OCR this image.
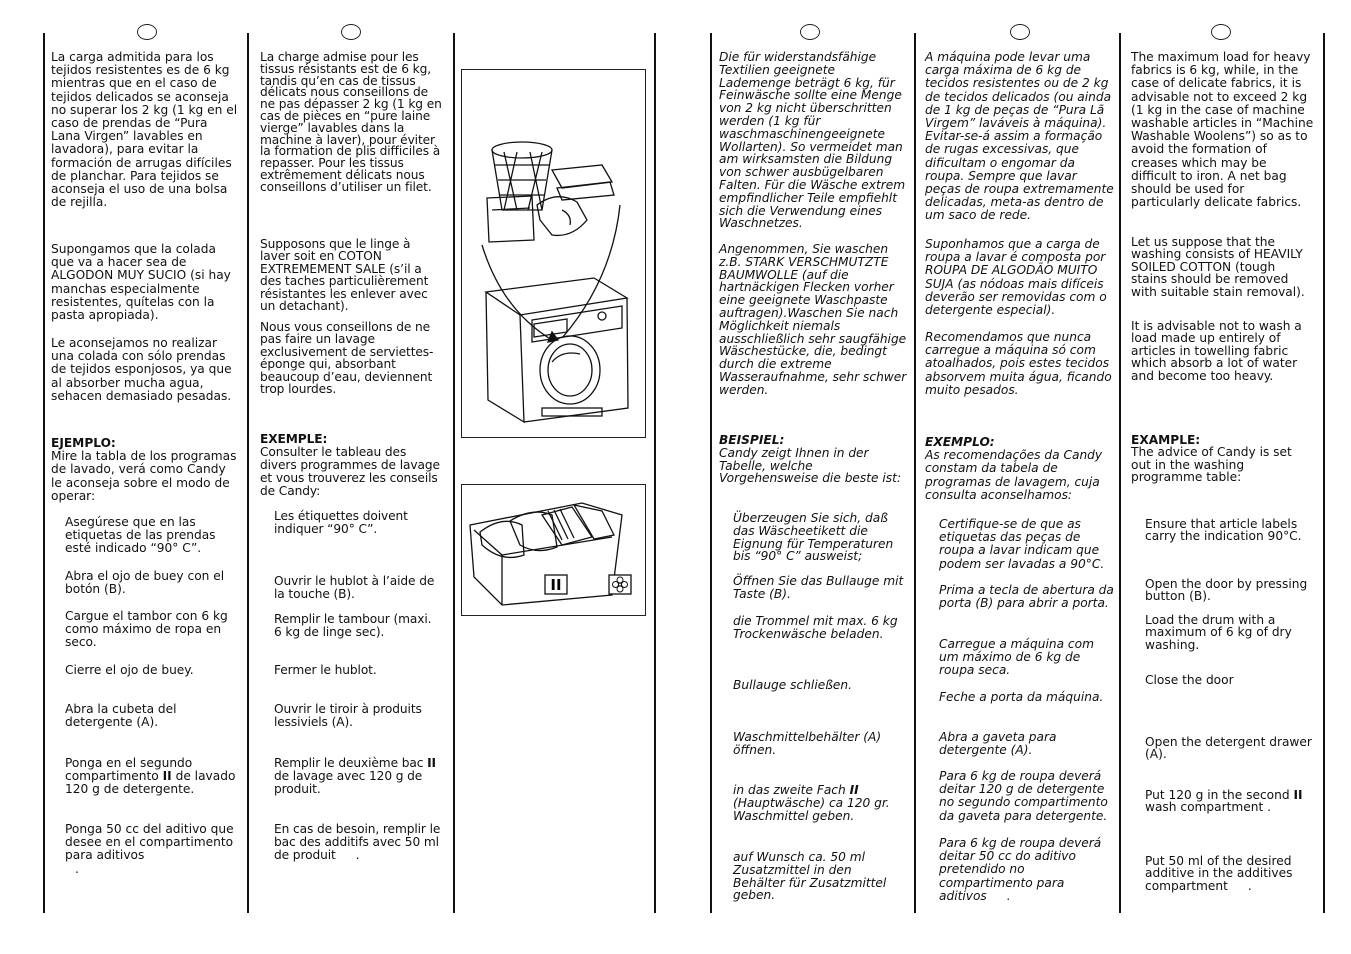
La carga admitida para los tejidos resistentes es de 6 kg mientras que en el caso de tejidos delicados se aconseja no superar los 2 kg (1 kg en el caso de prendas de “Pura Lana Virgen” lavables en lavadora), para evitar la formación de arrugas difíciles de planchar. Para tejidos se aconseja el uso de una bolsa de rejilla.

Supongamos que la colada que va a hacer sea de ALGODON MUY SUCIO (si hay manchas especialmente resistentes, quítelas con la pasta apropiada).

Le aconsejamos no realizar una colada con sólo prendas de tejidos esponjosos, ya que al absorber mucha agua, sehacen demasiado pesadas.

EJEMPLO:

Mire la tabla de los programas de lavado, verá como Candy le aconseja sobre el modo de operar:

Asegúrese que en las etiquetas de las prendas esté indicado “90° C”.

Abra el ojo de buey con el botón (B).

Cargue el tambor con 6 kg como máximo de ropa en seco.

Cierre el ojo de buey.

Abra la cubeta del detergente (A).

Ponga en el segundo compartimento II de lavado 120 g de detergente.

Ponga 50 cc del aditivo que desee en el compartimento para aditivos
.

La charge admise pour les tissus résistants est de 6 kg, tandis qu’en cas de tissus délicats nous conseillons de ne pas dépasser 2 kg (1 kg en cas de pièces en “pure laine vierge” lavables dans la machine à laver), pour éviter la formation de plis difficiles à repasser. Pour les tissus extrêmement délicats nous conseillons d’utiliser un filet.

Supposons que le linge à laver soit en COTON EXTREMEMENT SALE (s’il a des taches particulièrement résistantes les enlever avec un detachant).

Nous vous conseillons de ne pas faire un lavage exclusivement de serviettes-éponge qui, absorbant beaucoup d’eau, deviennent trop lourdes.

EXEMPLE:

Consulter le tableau des divers programmes de lavage et vous trouverez les conseils de Candy:

Les étiquettes doivent indiquer “90° C”.

Ouvrir le hublot à l’aide de la touche (B).

Remplir le tambour (maxi. 6 kg de linge sec).

Fermer le hublot.

Ouvrir le tiroir à produits lessiviels (A).

Remplir le deuxième bac II de lavage avec 120 g de produit.

En cas de besoin, remplir le bac des additifs avec 50 ml de produit .

II

Die für widerstandsfähige Textilien geeignete Lademenge beträgt 6 kg, für Feinwäsche sollte eine Menge von 2 kg nicht überschritten werden (1 kg für waschmaschinengeeignete Wollarten). So vermeidet man am wirksamsten die Bildung von schwer ausbügelbaren Falten. Für die Wäsche extrem empfindlicher Teile empfiehlt sich die Verwendung eines Waschnetzes.

Angenommen, Sie waschen z.B. STARK VERSCHMUTZTE BAUMWOLLE (auf die hartnäckigen Flecken vorher eine geeignete Waschpaste auftragen).Waschen Sie nach Möglichkeit niemals ausschließlich sehr saugfähige Wäschestücke, die, bedingt durch die extreme Wasseraufnahme, sehr schwer werden.

BEISPIEL:

Candy zeigt Ihnen in der Tabelle, welche Vorgehensweise die beste ist:

Überzeugen Sie sich, daß das Wäscheetikett die Eignung für Temperaturen bis “90° C” ausweist;

Öffnen Sie das Bullauge mit Taste (B).

die Trommel mit max. 6 kg Trockenwäsche beladen.

Bullauge schließen.

Waschmittelbehälter (A) öffnen.

in das zweite Fach II (Hauptwäsche) ca 120 gr. Waschmittel geben.

auf Wunsch ca. 50 ml Zusatzmittel in den Behälter für Zusatzmittel geben.

A máquina pode levar uma carga máxima de 6 kg de tecidos resistentes ou de 2 kg de tecidos delicados (ou ainda de 1 kg de peças de “Pura Lã Virgem” laváveis à máquina). Evitar-se-á assim a formação de rugas excessivas, que dificultam o engomar da roupa. Sempre que lavar peças de roupa extremamente delicadas, meta-as dentro de um saco de rede.

Suponhamos que a carga de roupa a lavar é composta por ROUPA DE ALGODÃO MUITO SUJA (as nódoas mais difíceis deverão ser removidas com o detergente especial).

Recomendamos que nunca carregue a máquina só com atoalhados, pois estes tecidos absorvem muita água, ficando muito pesados.

EXEMPLO:

As recomendações da Candy constam da tabela de programas de lavagem, cuja consulta aconselhamos:

Certifique-se de que as etiquetas das peças de roupa a lavar indicam que podem ser lavadas a 90°C.

Prima a tecla de abertura da porta (B) para abrir a porta.

Carregue a máquina com um máximo de 6 kg de roupa seca.

Feche a porta da máquina.

Abra a gaveta para detergente (A).

Para 6 kg de roupa deverá deitar 120 g de detergente no segundo compartimento da gaveta para detergente.

Para 6 kg de roupa deverá deitar 50 cc do aditivo pretendido no compartimento para aditivos .

The maximum load for heavy fabrics is 6 kg, while, in the case of delicate fabrics, it is advisable not to exceed 2 kg (1 kg in the case of machine washable articles in “Machine Washable Woolens”) so as to avoid the formation of creases which may be difficult to iron. A net bag should be used for particularly delicate fabrics.

Let us suppose that the washing consists of HEAVILY SOILED COTTON (tough stains should be removed with suitable stain removal).

It is advisable not to wash a load made up entirely of articles in towelling fabric which absorb a lot of water and become too heavy.

EXAMPLE:

The advice of Candy is set out in the washing programme table:

Ensure that article labels carry the indication 90°C.

Open the door by pressing button (B).

Load the drum with a maximum of 6 kg of dry washing.

Close the door

Open the detergent drawer (A).

Put 120 g in the second II wash compartment .

Put 50 ml of the desired additive in the additives compartment .
